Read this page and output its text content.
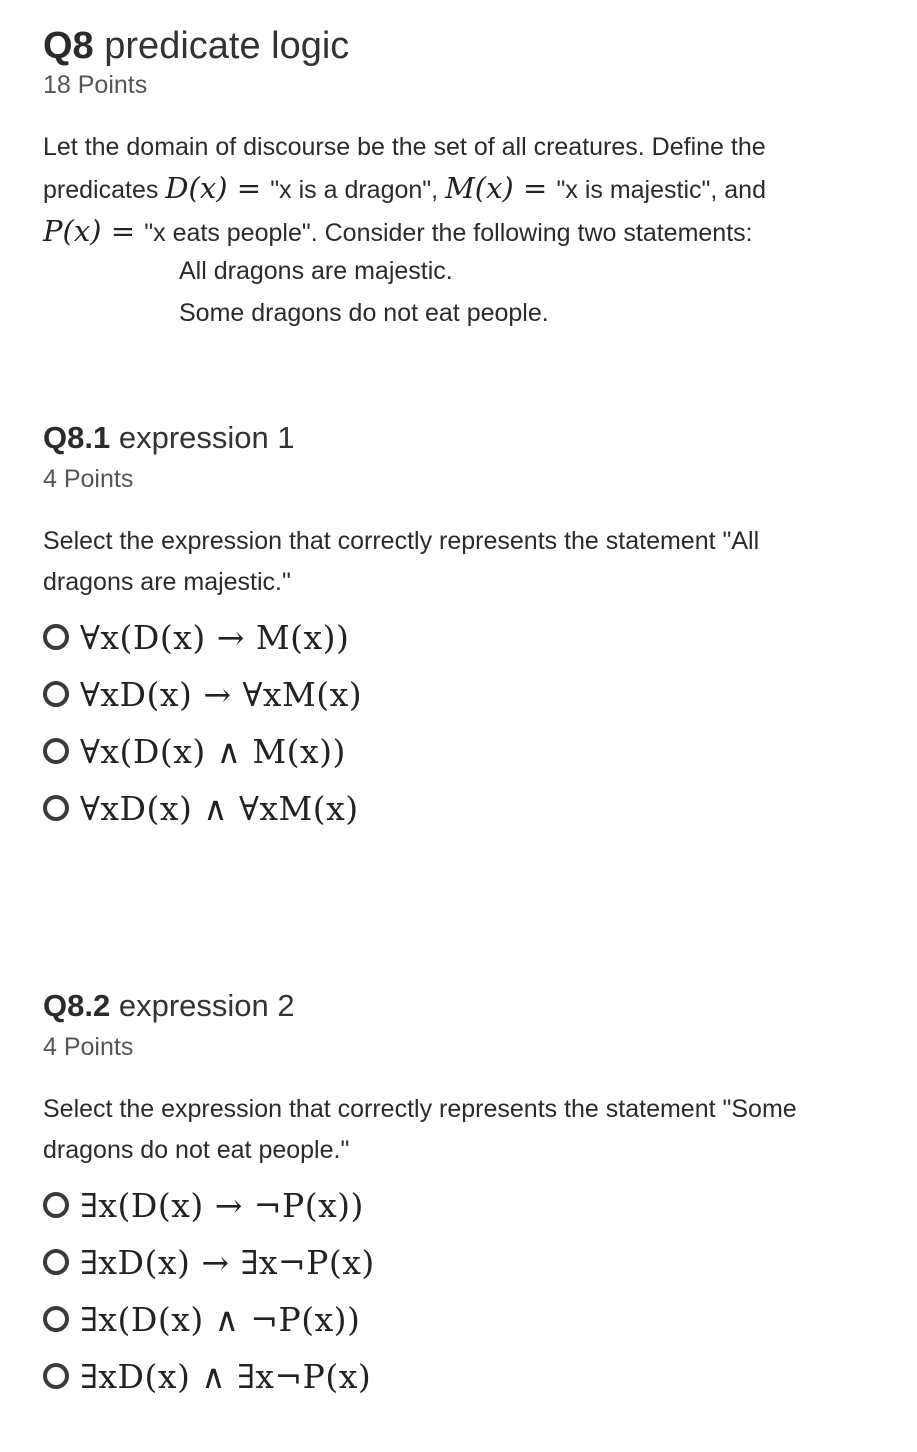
Q8 predicate logic
18 Points
Let the domain of discourse be the set of all creatures. Define the
predicates D(x) = "x is a dragon", M(x) = "x is majestic", and
P(x) = "x eats people". Consider the following two statements:
All dragons are majestic.
Some dragons do not eat people.
Q8.1 expression 1
4 Points
Select the expression that correctly represents the statement "All
dragons are majestic."
∀x(D(x) → M(x))
∀xD(x) → ∀xM(x)
∀x(D(x) ∧ M(x))
∀xD(x) ∧ ∀xM(x)
Q8.2 expression 2
4 Points
Select the expression that correctly represents the statement "Some
dragons do not eat people."
∃x(D(x) → ¬P(x))
∃xD(x) → ∃x¬P(x)
∃x(D(x) ∧ ¬P(x))
∃xD(x) ∧ ∃x¬P(x)
